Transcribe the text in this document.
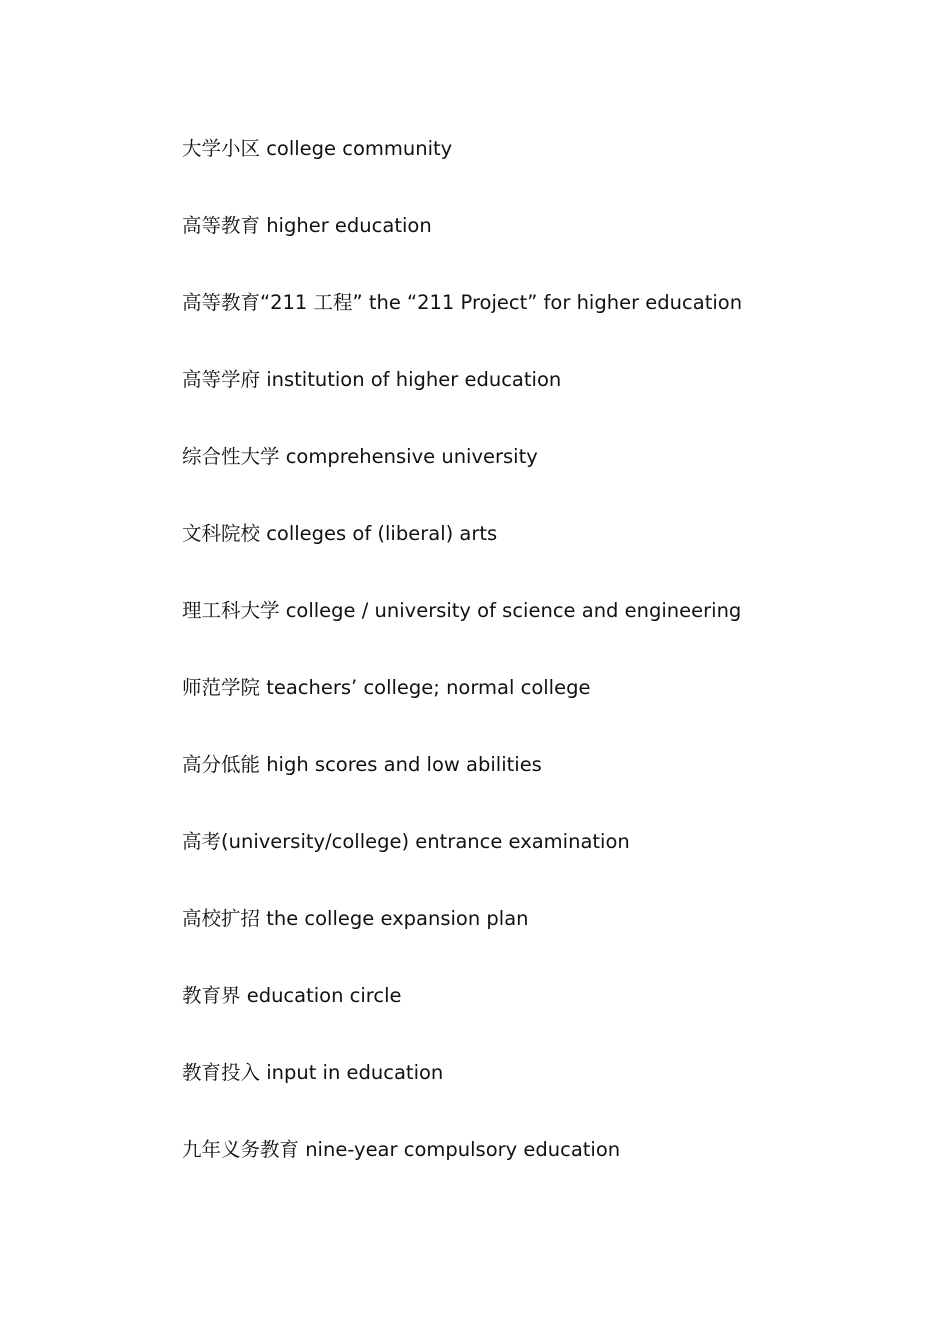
大学小区 college community
高等教育 higher education
高等教育“211 工程” the “211 Project” for higher education
高等学府 institution of higher education
综合性大学 comprehensive university
文科院校 colleges of (liberal) arts
理工科大学 college / university of science and engineering
师范学院 teachers’ college; normal college
高分低能 high scores and low abilities
高考(university/college) entrance examination
高校扩招 the college expansion plan
教育界 education circle
教育投入 input in education
九年义务教育 nine-year compulsory education
